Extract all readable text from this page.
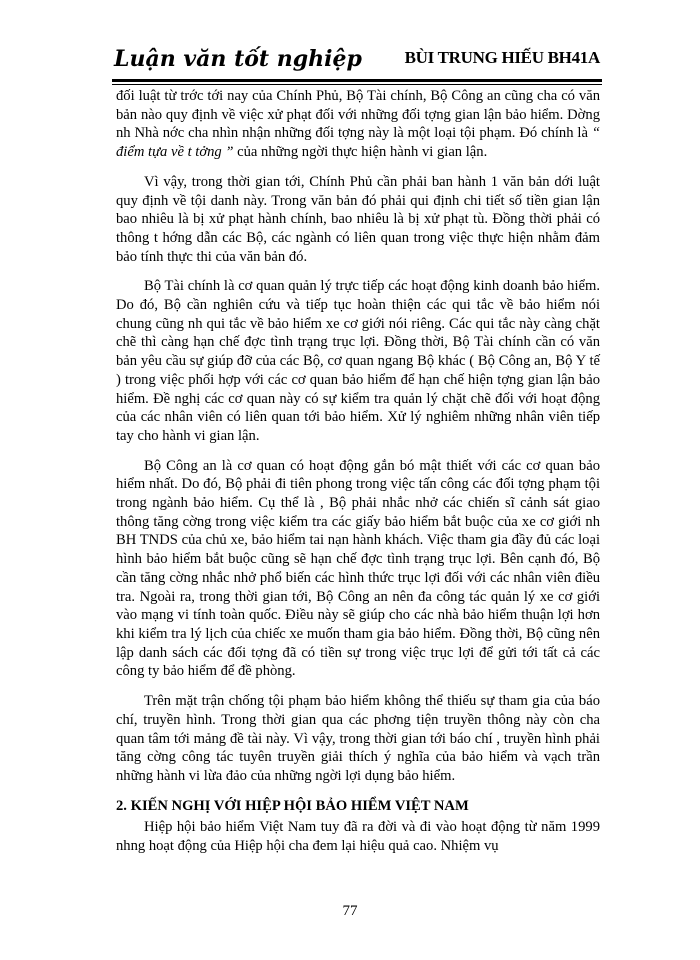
Luận văn tốt nghiệp	BÙI TRUNG HIẾU BH41A

đối luật từ trớc tới nay của Chính Phủ, Bộ Tài chính, Bộ Công an cũng cha có văn bản nào quy định về việc xử phạt đối với những đối tợng gian lận bảo hiểm. Dờng nh Nhà nớc cha nhìn nhận những đối tợng này là một loại tội phạm. Đó chính là “ điểm tựa về t tởng ” của những ngời thực hiện hành vi gian lận.

Vì vậy, trong thời gian tới, Chính Phủ cần phải ban hành 1 văn bản dới luật quy định về tội danh này. Trong văn bản đó phải qui định chi tiết số tiền gian lận bao nhiêu là bị xử phạt hành chính, bao nhiêu là bị xử phạt tù. Đồng thời phải có thông t hớng dẫn các Bộ, các ngành có liên quan trong việc thực hiện nhằm đảm bảo tính thực thi của văn bản đó.

Bộ Tài chính là cơ quan quản lý trực tiếp các hoạt động kinh doanh bảo hiểm. Do đó, Bộ cần nghiên cứu và tiếp tục hoàn thiện các qui tắc về bảo hiểm nói chung cũng nh qui tắc về bảo hiểm xe cơ giới nói riêng. Các qui tắc này càng chặt chẽ thì càng hạn chế đợc tình trạng trục lợi. Đồng thời, Bộ Tài chính cần có văn bản yêu cầu sự giúp đỡ của các Bộ, cơ quan ngang Bộ khác ( Bộ Công an, Bộ Y tế ) trong việc phối hợp với các cơ quan bảo hiểm để hạn chế hiện tợng gian lận bảo hiểm. Đề nghị các cơ quan này có sự kiểm tra quản lý chặt chẽ đối với hoạt động của các nhân viên có liên quan tới bảo hiểm. Xử lý nghiêm những nhân viên tiếp tay cho hành vi gian lận.

Bộ Công an là cơ quan có hoạt động gắn bó mật thiết với các cơ quan bảo hiểm nhất. Do đó, Bộ phải đi tiên phong trong việc tấn công các đối tợng phạm tội trong ngành bảo hiểm. Cụ thể là , Bộ phải nhắc nhở các chiến sĩ cảnh sát giao thông tăng cờng trong việc kiểm tra các giấy bảo hiểm bắt buộc của xe cơ giới nh BH TNDS của chủ xe, bảo hiểm tai nạn hành khách. Việc tham gia đầy đủ các loại hình bảo hiểm bắt buộc cũng sẽ hạn chế đợc tình trạng trục lợi. Bên cạnh đó, Bộ cần tăng cờng nhắc nhở phổ biến các hình thức trục lợi đối với các nhân viên điều tra. Ngoài ra, trong thời gian tới, Bộ Công an nên đa công tác quản lý xe cơ giới vào mạng vi tính toàn quốc. Điều này sẽ giúp cho các nhà bảo hiểm thuận lợi hơn khi kiểm tra lý lịch của chiếc xe muốn tham gia bảo hiểm. Đồng thời, Bộ cũng nên lập danh sách các đối tợng đã có tiền sự trong việc trục lợi để gửi tới tất cả các công ty bảo hiểm để đề phòng.

Trên mặt trận chống tội phạm bảo hiểm không thể thiếu sự tham gia của báo chí, truyền hình. Trong thời gian qua các phơng tiện truyền thông này còn cha quan tâm tới mảng đề tài này. Vì vậy, trong thời gian tới báo chí , truyền hình phải tăng cờng công tác tuyên truyền giải thích ý nghĩa của bảo hiểm và vạch trần những hành vi lừa đảo của những ngời lợi dụng bảo hiểm.

2. KIẾN NGHỊ VỚI HIỆP HỘI BẢO HIỂM VIỆT NAM

Hiệp hội bảo hiểm Việt Nam tuy đã ra đời và đi vào hoạt động từ năm 1999 nhng hoạt động của Hiệp hội cha đem lại hiệu quả cao. Nhiệm vụ

77
